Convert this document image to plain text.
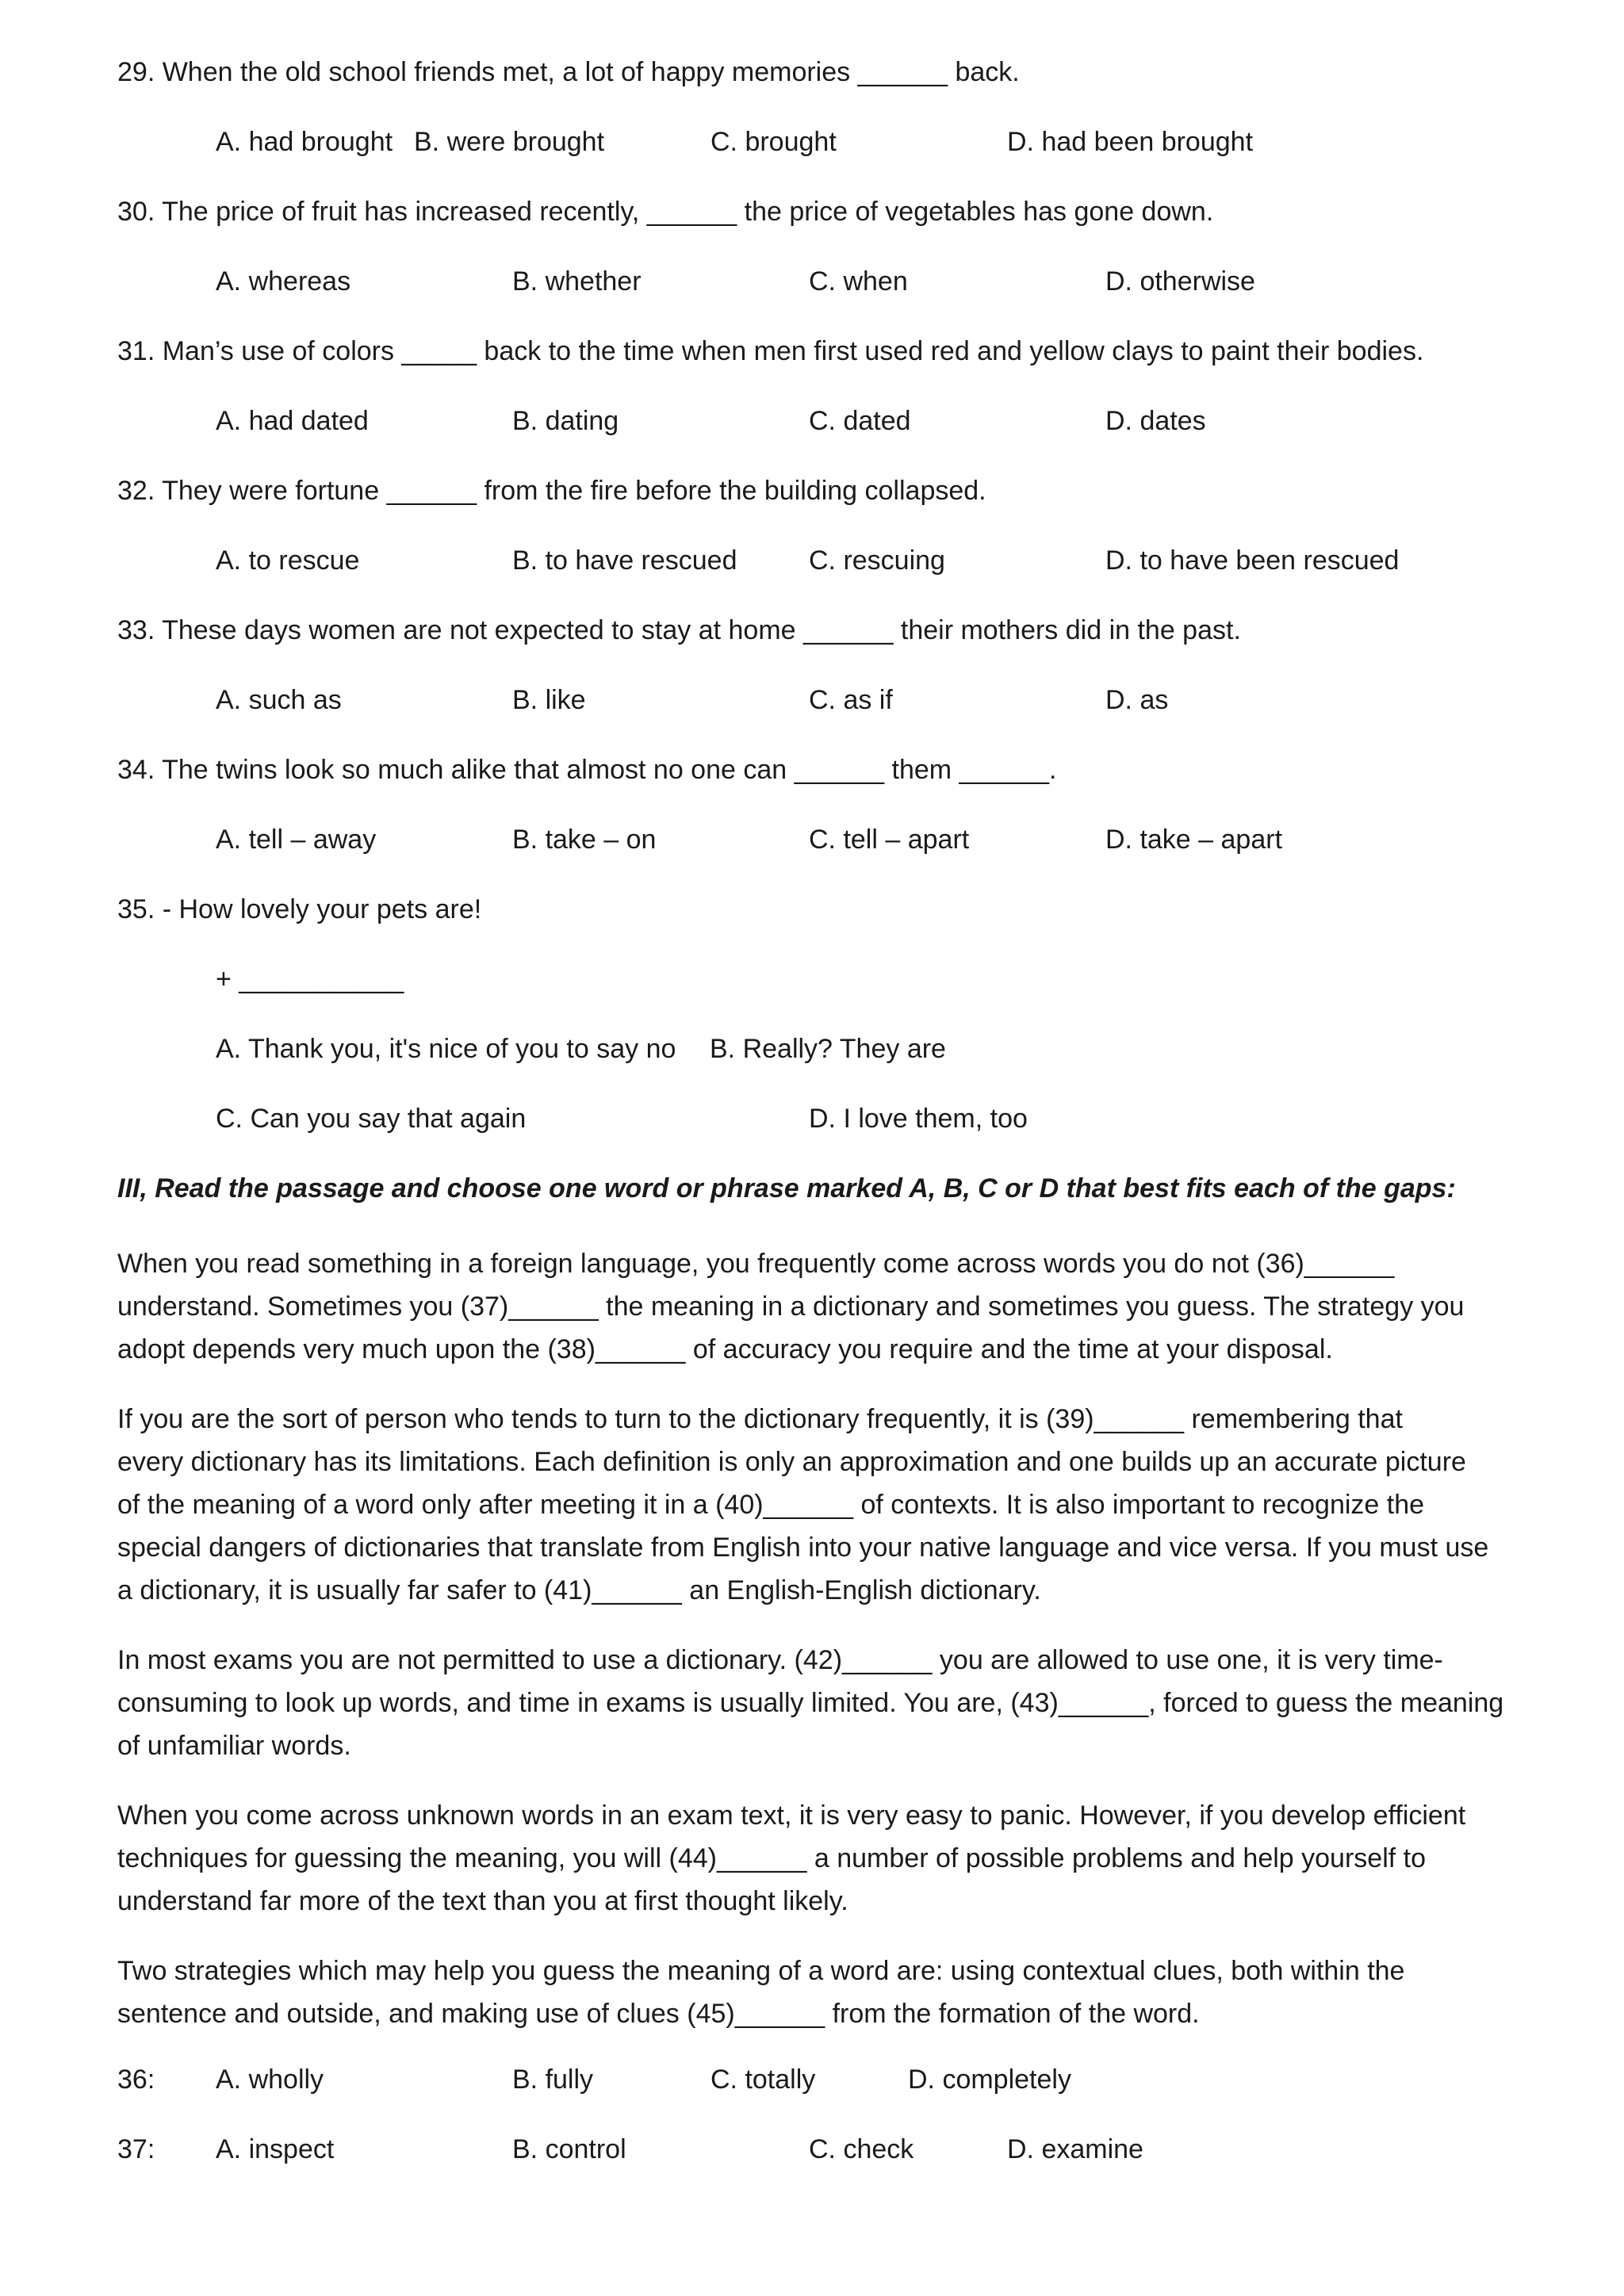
29. When the old school friends met, a lot of happy memories ______ back.
A. had brought B. were brought	C. brought	D. had been brought
30. The price of fruit has increased recently, ______ the price of vegetables has gone down.
A. whereas	B. whether	C. when	D. otherwise
31. Man’s use of colors _____ back to the time when men first used red and yellow clays to paint their bodies.
A. had dated	B. dating	C. dated	D. dates
32. They were fortune ______ from the fire before the building collapsed.
A. to rescue	B. to have rescued	C. rescuing	D. to have been rescued
33. These days women are not expected to stay at home ______ their mothers did in the past.
A. such as	B. like	C. as if	D. as
34. The twins look so much alike that almost no one can ______ them ______.
A. tell – away	B. take – on	C. tell – apart	D. take – apart
35. - How lovely your pets are!
+ ___________
A. Thank you, it's nice of you to say no B. Really? They are
C. Can you say that again	D. I love them, too
III, Read the passage and choose one word or phrase marked A, B, C or D that best fits each of the gaps:

When you read something in a foreign language, you frequently come across words you do not (36)______

understand. Sometimes you (37)______ the meaning in a dictionary and sometimes you guess. The strategy you

adopt depends very much upon the (38)______ of accuracy you require and the time at your disposal.

If you are the sort of person who tends to turn to the dictionary frequently, it is (39)______ remembering that

every dictionary has its limitations. Each definition is only an approximation and one builds up an accurate picture

of the meaning of a word only after meeting it in a (40)______ of contexts. It is also important to recognize the

special dangers of dictionaries that translate from English into your native language and vice versa. If you must use

a dictionary, it is usually far safer to (41)______ an English-English dictionary.

In most exams you are not permitted to use a dictionary. (42)______ you are allowed to use one, it is very time-

consuming to look up words, and time in exams is usually limited. You are, (43)______, forced to guess the meaning

of unfamiliar words.

When you come across unknown words in an exam text, it is very easy to panic. However, if you develop efficient

techniques for guessing the meaning, you will (44)______ a number of possible problems and help yourself to

understand far more of the text than you at first thought likely.

Two strategies which may help you guess the meaning of a word are: using contextual clues, both within the

sentence and outside, and making use of clues (45)______ from the formation of the word.

36: A. wholly	B. fully	C. totally	D. completely
37: A. inspect	B. control	C. check	D. examine
